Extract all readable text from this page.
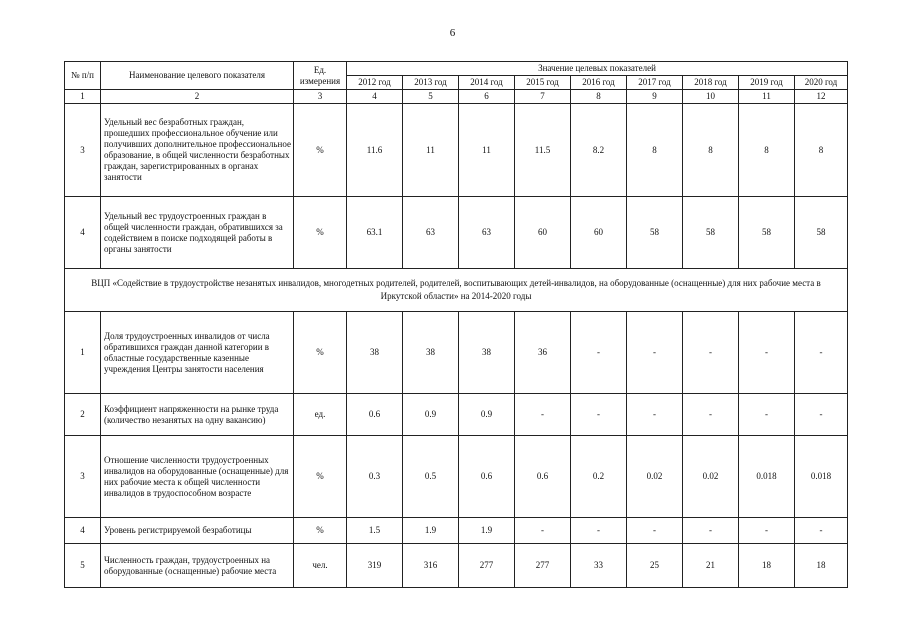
6
№ п/п	Наименование целевого показателя	Ед. измерения	Значение целевых показателей								
			2012 год	2013 год	2014 год	2015 год	2016 год	2017 год	2018 год	2019 год	2020 год
1	2	3	4	5	6	7	8	9	10	11	12
3	Удельный вес безработных граждан, прошедших профессиональное обучение или получивших дополнительное профессиональное образование, в общей численности безработных граждан, зарегистрированных в органах занятости	%	11.6	11	11	11.5	8.2	8	8	8	8
4	Удельный вес трудоустроенных граждан в общей численности граждан, обратившихся за содействием в поиске подходящей работы в органы занятости	%	63.1	63	63	60	60	58	58	58	58
ВЦП «Содействие в трудоустройстве незанятых инвалидов, многодетных родителей, родителей, воспитывающих детей-инвалидов, на оборудованные (оснащенные) для них рабочие места в Иркутской области» на 2014-2020 годы											
1	Доля трудоустроенных инвалидов от числа обратившихся граждан данной категории в областные государственные казенные учреждения Центры занятости населения	%	38	38	38	36	-	-	-	-	-
2	Коэффициент напряженности на рынке труда (количество незанятых на одну вакансию)	ед.	0.6	0.9	0.9	-	-	-	-	-	-
3	Отношение численности трудоустроенных инвалидов на оборудованные (оснащенные) для них рабочие места к общей численности инвалидов в трудоспособном возрасте	%	0.3	0.5	0.6	0.6	0.2	0.02	0.02	0.018	0.018
4	Уровень регистрируемой безработицы	%	1.5	1.9	1.9	-	-	-	-	-	-
5	Численность граждан, трудоустроенных на оборудованные (оснащенные) рабочие места	чел.	319	316	277	277	33	25	21	18	18
